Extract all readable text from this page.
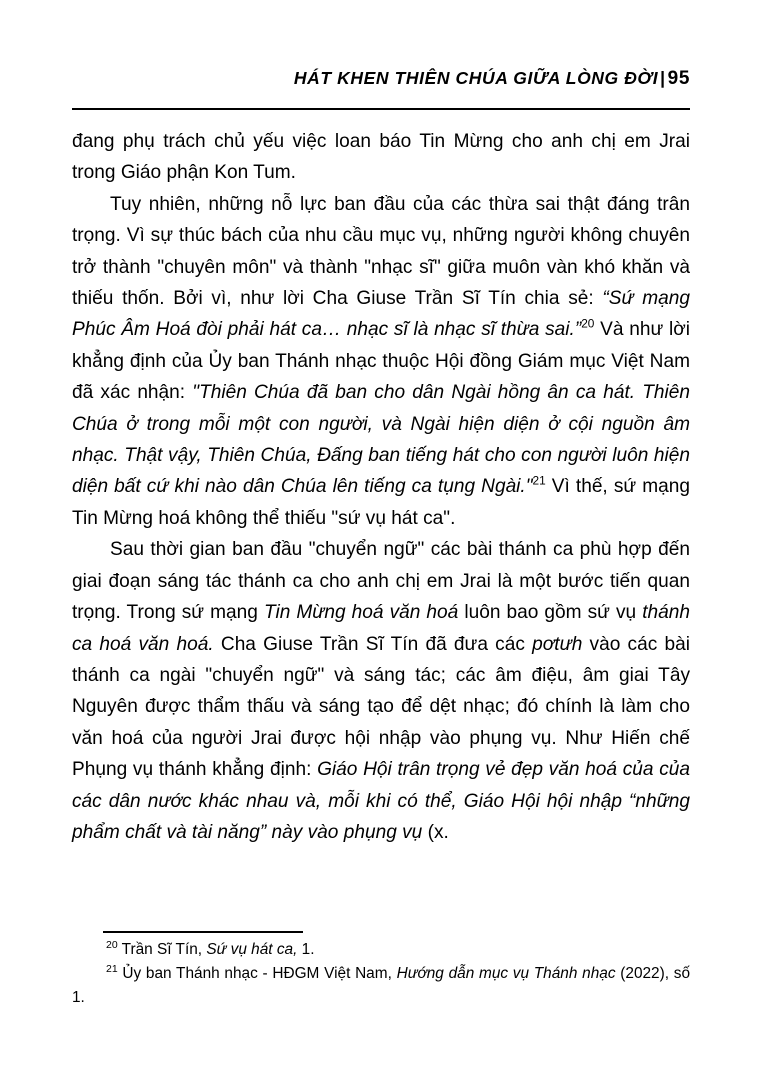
HÁT KHEN THIÊN CHÚA GIỮA LÒNG ĐỜI | 95

đang phụ trách chủ yếu việc loan báo Tin Mừng cho anh chị em Jrai trong Giáo phận Kon Tum.

Tuy nhiên, những nỗ lực ban đầu của các thừa sai thật đáng trân trọng. Vì sự thúc bách của nhu cầu mục vụ, những người không chuyên trở thành "chuyên môn" và thành "nhạc sĩ" giữa muôn vàn khó khăn và thiếu thốn. Bởi vì, như lời Cha Giuse Trần Sĩ Tín chia sẻ: “Sứ mạng Phúc Âm Hoá đòi phải hát ca… nhạc sĩ là nhạc sĩ thừa sai.”$^{20}$ Và như lời khẳng định của Ủy ban Thánh nhạc thuộc Hội đồng Giám mục Việt Nam đã xác nhận: "Thiên Chúa đã ban cho dân Ngài hồng ân ca hát. Thiên Chúa ở trong mỗi một con người, và Ngài hiện diện ở cội nguồn âm nhạc. Thật vậy, Thiên Chúa, Đấng ban tiếng hát cho con người luôn hiện diện bất cứ khi nào dân Chúa lên tiếng ca tụng Ngài."$^{21}$ Vì thế, sứ mạng Tin Mừng hoá không thể thiếu "sứ vụ hát ca".

Sau thời gian ban đầu "chuyển ngữ" các bài thánh ca phù hợp đến giai đoạn sáng tác thánh ca cho anh chị em Jrai là một bước tiến quan trọng. Trong sứ mạng Tin Mừng hoá văn hoá luôn bao gồm sứ vụ thánh ca hoá văn hoá. Cha Giuse Trần Sĩ Tín đã đưa các pơtưh vào các bài thánh ca ngài "chuyển ngữ" và sáng tác; các âm điệu, âm giai Tây Nguyên được thẩm thấu và sáng tạo để dệt nhạc; đó chính là làm cho văn hoá của người Jrai được hội nhập vào phụng vụ. Như Hiến chế Phụng vụ thánh khẳng định: Giáo Hội trân trọng vẻ đẹp văn hoá của của các dân nước khác nhau và, mỗi khi có thể, Giáo Hội hội nhập “những phẩm chất và tài năng” này vào phụng vụ (x.

$^{20}$ Trần Sĩ Tín, Sứ vụ hát ca, 1.

$^{21}$ Ủy ban Thánh nhạc - HĐGM Việt Nam, Hướng dẫn mục vụ Thánh nhạc (2022), số 1.
